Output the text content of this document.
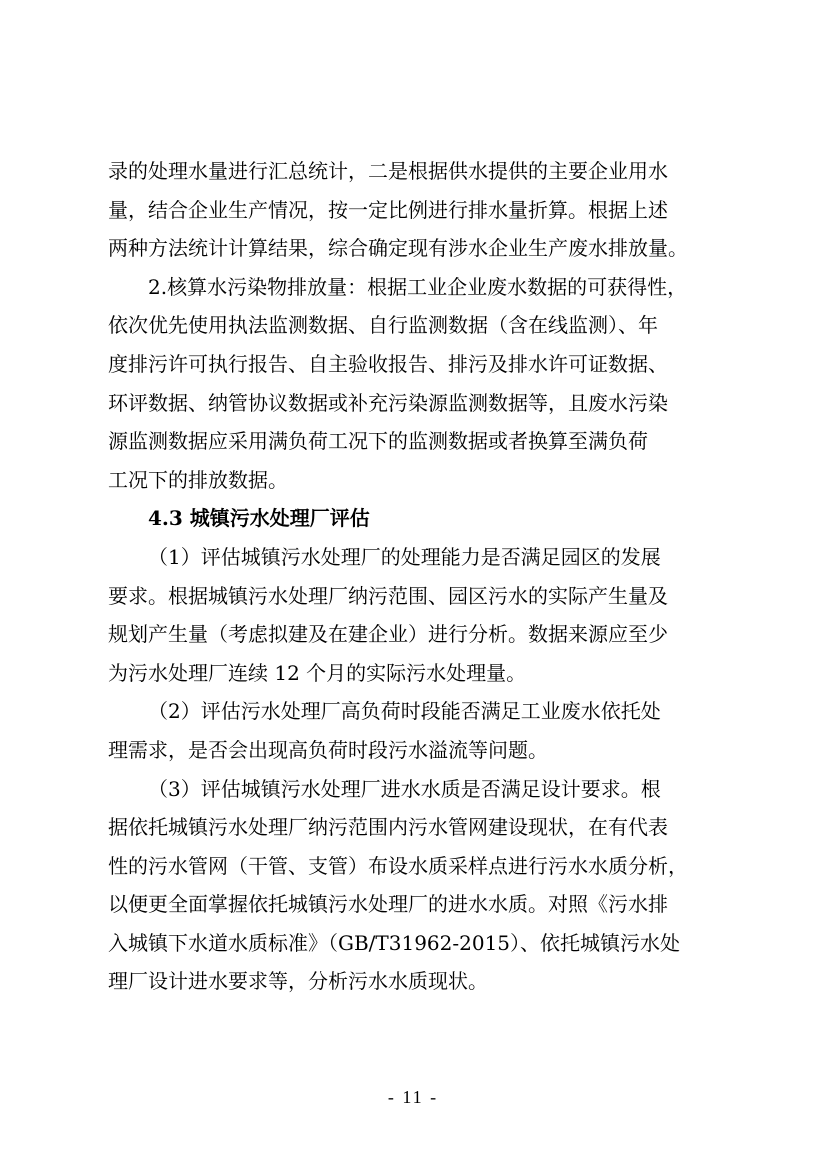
录的处理水量进行汇总统计，二是根据供水提供的主要企业用水
量，结合企业生产情况，按一定比例进行排水量折算。根据上述
两种方法统计计算结果，综合确定现有涉水企业生产废水排放量。
2.核算水污染物排放量：根据工业企业废水数据的可获得性，
依次优先使用执法监测数据、自行监测数据（含在线监测）、年
度排污许可执行报告、自主验收报告、排污及排水许可证数据、
环评数据、纳管协议数据或补充污染源监测数据等，且废水污染
源监测数据应采用满负荷工况下的监测数据或者换算至满负荷
工况下的排放数据。
4.3 城镇污水处理厂评估
（1）评估城镇污水处理厂的处理能力是否满足园区的发展
要求。根据城镇污水处理厂纳污范围、园区污水的实际产生量及
规划产生量（考虑拟建及在建企业）进行分析。数据来源应至少
为污水处理厂连续 12 个月的实际污水处理量。
（2）评估污水处理厂高负荷时段能否满足工业废水依托处
理需求，是否会出现高负荷时段污水溢流等问题。
（3）评估城镇污水处理厂进水水质是否满足设计要求。根
据依托城镇污水处理厂纳污范围内污水管网建设现状，在有代表
性的污水管网（干管、支管）布设水质采样点进行污水水质分析，
以便更全面掌握依托城镇污水处理厂的进水水质。对照《污水排
入城镇下水道水质标准》（GB/T31962-2015）、依托城镇污水处
理厂设计进水要求等，分析污水水质现状。
- 11 -
